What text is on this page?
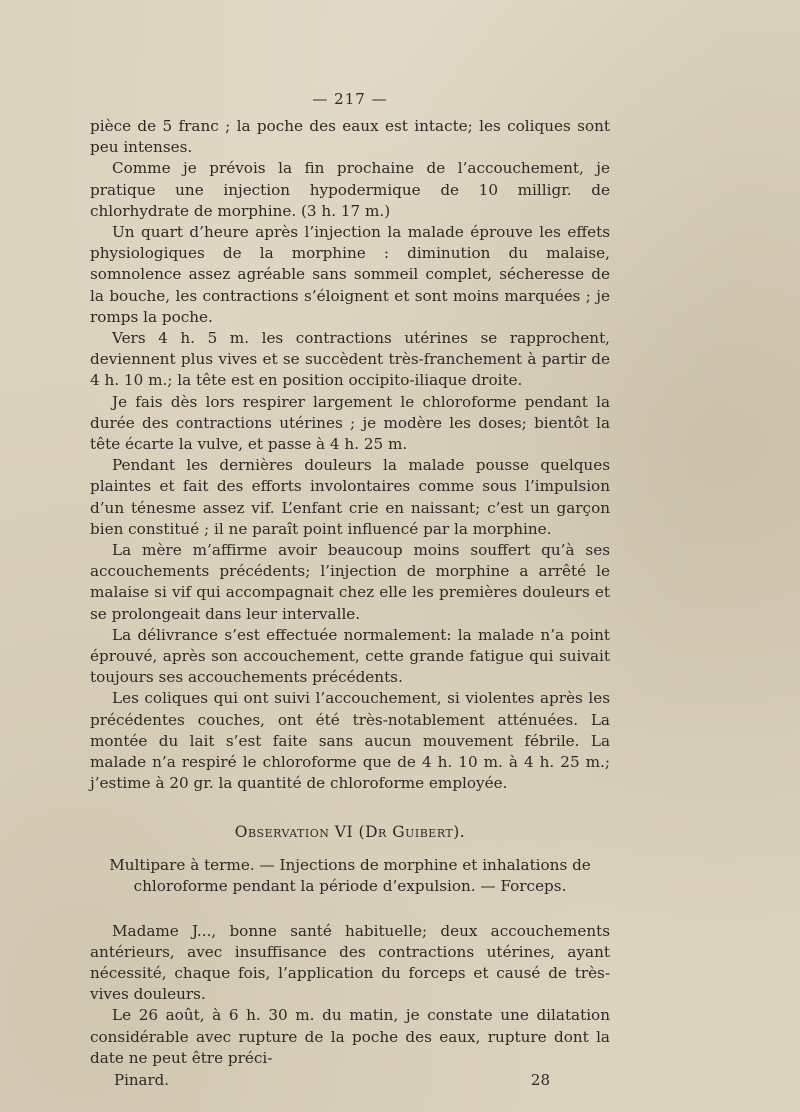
— 217 —

pièce de 5 franc ; la poche des eaux est intacte; les coliques sont peu intenses.

Comme je prévois la fin prochaine de l’accouchement, je pratique une injection hypodermique de 10 milligr. de chlorhydrate de morphine. (3 h. 17 m.)

Un quart d’heure après l’injection la malade éprouve les effets physiologiques de la morphine : diminution du malaise, somnolence assez agréable sans sommeil complet, sécheresse de la bouche, les contractions s’éloignent et sont moins marquées ; je romps la poche.

Vers 4 h. 5 m. les contractions utérines se rapprochent, deviennent plus vives et se succèdent très-franchement à partir de 4 h. 10 m.; la tête est en position occipito-iliaque droite.

Je fais dès lors respirer largement le chloroforme pendant la durée des contractions utérines ; je modère les doses; bientôt la tête écarte la vulve, et passe à 4 h. 25 m.

Pendant les dernières douleurs la malade pousse quelques plaintes et fait des efforts involontaires comme sous l’impulsion d’un ténesme assez vif. L’enfant crie en naissant; c’est un garçon bien constitué ; il ne paraît point influencé par la morphine.

La mère m’affirme avoir beaucoup moins souffert qu’à ses accouchements précédents; l’injection de morphine a arrêté le malaise si vif qui accompagnait chez elle les premières douleurs et se prolongeait dans leur intervalle.

La délivrance s’est effectuée normalement: la malade n’a point éprouvé, après son accouchement, cette grande fatigue qui suivait toujours ses accouchements précédents.

Les coliques qui ont suivi l’accouchement, si violentes après les précédentes couches, ont été très-notablement atténuées. La montée du lait s’est faite sans aucun mouvement fébrile. La malade n’a respiré le chloroforme que de 4 h. 10 m. à 4 h. 25 m.; j’estime à 20 gr. la quantité de chloroforme employée.

Observation VI (Dr Guibert).
Multipare à terme. — Injections de morphine et inhalations de chloroforme pendant la période d’expulsion. — Forceps.

Madame J..., bonne santé habituelle; deux accouchements antérieurs, avec insuffisance des contractions utérines, ayant nécessité, chaque fois, l’application du forceps et causé de très-vives douleurs.

Le 26 août, à 6 h. 30 m. du matin, je constate une dilatation considérable avec rupture de la poche des eaux, rupture dont la date ne peut être préci-

Pinard.	28
